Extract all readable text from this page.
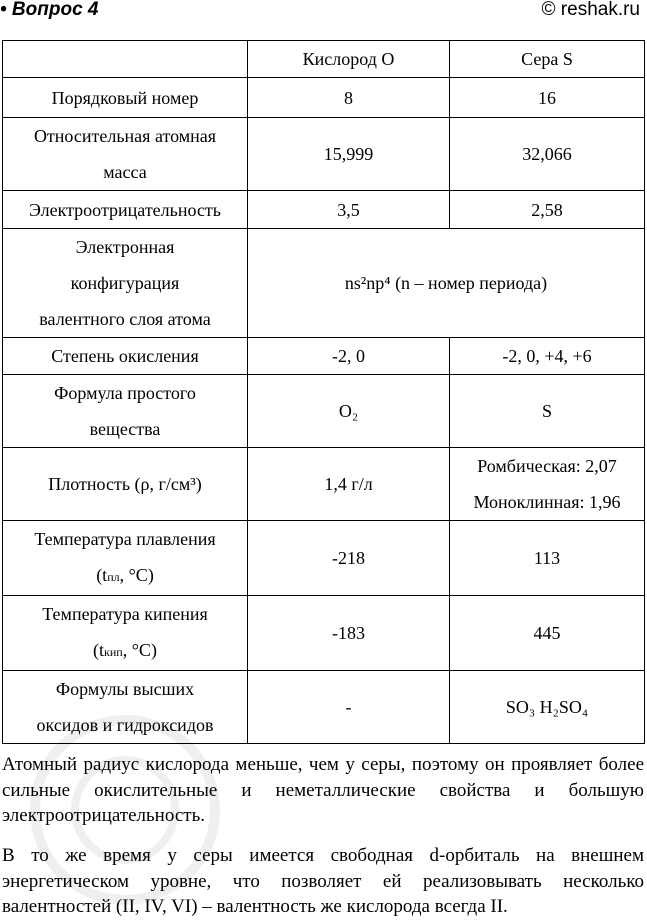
• Вопрос 4	© reshak.ru
	Кислород O	Сера S
Порядковый номер	8	16
Относительная атомная
масса	15,999	32,066
Электроотрицательность	3,5	2,58
Электронная
конфигурация
валентного слоя атома	ns²np⁴ (n – номер периода)	
Степень окисления	-2, 0	-2, 0, +4, +6
Формула простого
вещества	O₂	S
Плотность (ρ, г/см³)	1,4 г/л	Ромбическая: 2,07
Моноклинная: 1,96
Температура плавления
(tпл, °C)	-218	113
Температура кипения
(tкип, °C)	-183	445
Формулы высших
оксидов и гидроксидов	-	SO₃ H₂SO₄
Атомный радиус кислорода меньше, чем у серы, поэтому он проявляет более сильные окислительные и неметаллические свойства и большую электроотрицательность.
В то же время у серы имеется свободная d-орбиталь на внешнем энергетическом уровне, что позволяет ей реализовывать несколько валентностей (II, IV, VI) – валентность же кислорода всегда II.
